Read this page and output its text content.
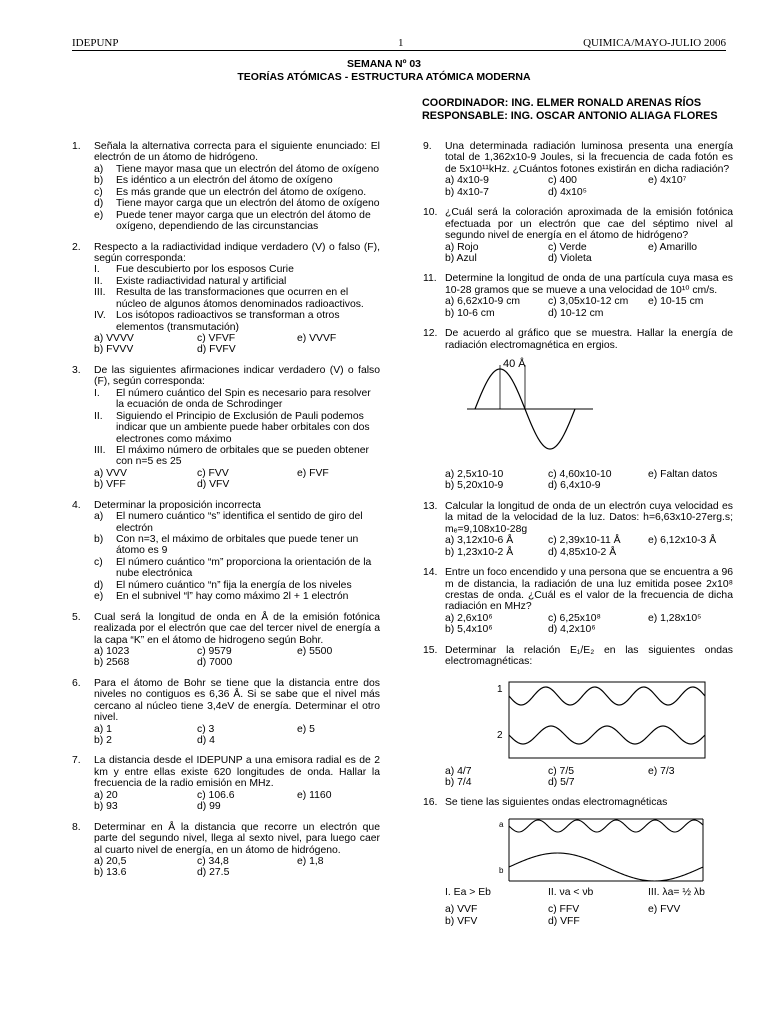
IDEPUNP	1	QUIMICA/MAYO-JULIO 2006
SEMANA Nº 03
TEORÍAS ATÓMICAS - ESTRUCTURA ATÓMICA MODERNA
COORDINADOR: ING. ELMER RONALD ARENAS RÍOS
RESPONSABLE: ING. OSCAR ANTONIO ALIAGA FLORES
1. Señala la alternativa correcta para el siguiente enunciado: El electrón de un átomo de hidrógeno.
a) Tiene mayor masa que un electrón del átomo de oxígeno
b) Es idéntico a un electrón del átomo de oxígeno
c) Es más grande que un electrón del átomo de oxígeno.
d) Tiene mayor carga que un electrón del átomo de oxígeno
e) Puede tener mayor carga que un electrón del átomo de oxígeno, dependiendo de las circunstancias
2. Respecto a la radiactividad indique verdadero (V) o falso (F), según corresponda:
I. Fue descubierto por los esposos Curie
II. Existe radiactividad natural y artificial
III. Resulta de las transformaciones que ocurren en el núcleo de algunos átomos denominados radioactivos.
IV. Los isótopos radioactivos se transforman a otros elementos (transmutación)
a) VVVV	c) VFVF	e) VVVF
b) FVVV	d) FVFV
3. De las siguientes afirmaciones indicar verdadero (V) o falso (F), según corresponda:
I. El número cuántico del Spin es necesario para resolver la ecuación de onda de Schrodinger
II. Siguiendo el Principio de Exclusión de Pauli podemos indicar que un ambiente puede haber orbitales con dos electrones como máximo
III. El máximo número de orbitales que se pueden obtener con n=5 es 25
a) VVV	c) FVV	e) FVF
b) VFF	d) VFV
4. Determinar la proposición incorrecta
a) El numero cuántico “s” identifica el sentido de giro del electrón
b) Con n=3, el máximo de orbitales que puede tener un átomo es 9
c) El número cuántico “m” proporciona la orientación de la nube electrónica
d) El número cuántico “n” fija la energía de los niveles
e) En el subnivel “l” hay como máximo 2l + 1 electrón
5. Cual será la longitud de onda en Å de la emisión fotónica realizada por el electrón que cae del tercer nivel de energía a la capa “K” en el átomo de hidrogeno según Bohr.
a) 1023	c) 9579	e) 5500
b) 2568	d) 7000
6. Para el átomo de Bohr se tiene que la distancia entre dos niveles no contiguos es 6,36 Å. Si se sabe que el nivel más cercano al núcleo tiene 3,4eV de energía. Determinar el otro nivel.
a) 1	c) 3	e) 5
b) 2	d) 4
7. La distancia desde el IDEPUNP a una emisora radial es de 2 km y entre ellas existe 620 longitudes de onda. Hallar la frecuencia de la radio emisión en MHz.
a) 20	c) 106.6	e) 1160
b) 93	d) 99
8. Determinar en Å la distancia que recorre un electrón que parte del segundo nivel, llega al sexto nivel, para luego caer al cuarto nivel de energía, en un átomo de hidrógeno.
a) 20,5	c) 34,8	e) 1,8
b) 13.6	d) 27.5
9. Una determinada radiación luminosa presenta una energía total de 1,362x10-9 Joules, si la frecuencia de cada fotón es de 5x10¹¹kHz. ¿Cuántos fotones existirán en dicha radiación?
a) 4x10-9	c) 400	e) 4x10⁷
b) 4x10-7	d) 4x10⁵
10. ¿Cuál será la coloración aproximada de la emisión fotónica efectuada por un electrón que cae del séptimo nivel al segundo nivel de energía en el átomo de hidrógeno?
a) Rojo	c) Verde	e) Amarillo
b) Azul	d) Violeta
11. Determine la longitud de onda de una partícula cuya masa es 10-28 gramos que se mueve a una velocidad de 10¹⁰ cm/s.
a) 6,62x10-9 cm	c) 3,05x10-12 cm	e) 10-15 cm
b) 10-6 cm	d) 10-12 cm
12. De acuerdo al gráfico que se muestra. Hallar la energía de radiación electromagnética en ergios.
40 Å
a) 2,5x10-10	c) 4,60x10-10	e) Faltan datos
b) 5,20x10-9	d) 6,4x10-9
13. Calcular la longitud de onda de un electrón cuya velocidad es la mitad de la velocidad de la luz. Datos: h=6,63x10-27erg.s; mₑ=9,108x10-28g
a) 3,12x10-6 Å	c) 2,39x10-11 Å	e) 6,12x10-3 Å
b) 1,23x10-2 Å	d) 4,85x10-2 Å
14. Entre un foco encendido y una persona que se encuentra a 96 m de distancia, la radiación de una luz emitida posee 2x10⁸ crestas de onda. ¿Cuál es el valor de la frecuencia de dicha radiación en MHz?
a) 2,6x10⁶	c) 6,25x10⁸	e) 1,28x10⁵
b) 5,4x10⁶	d) 4,2x10⁶
15. Determinar la relación E₁/E₂ en las siguientes ondas electromagnéticas:
1
2
a) 4/7	c) 7/5	e) 7/3
b) 7/4	d) 5/7
16. Se tiene las siguientes ondas electromagnéticas
a
b
I. Ea > Eb	II. νa < νb	III. λa= ½ λb
a) VVF	c) FFV	e) FVV
b) VFV	d) VFF
